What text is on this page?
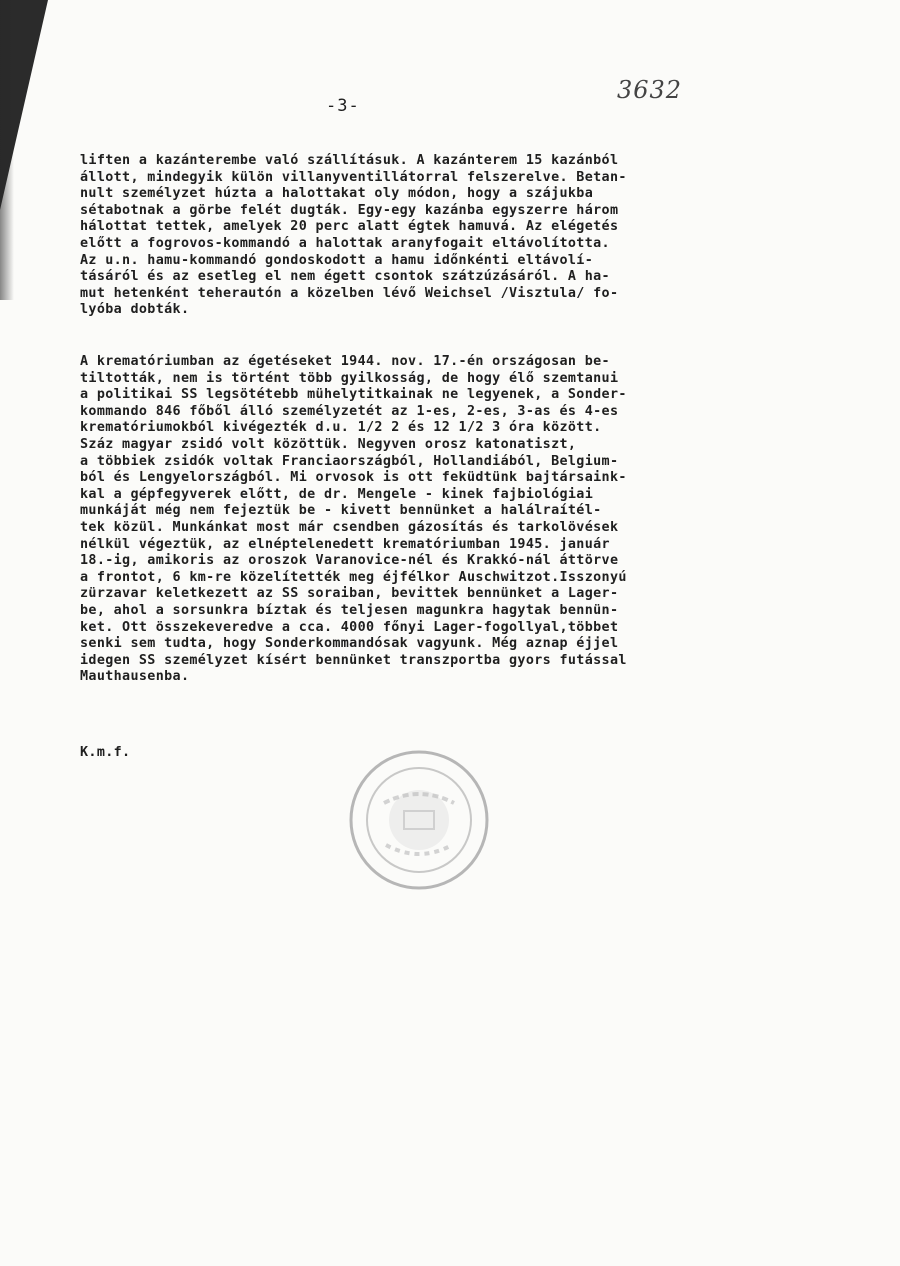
-3-
3632
liften a kazánterembe való szállításuk. A kazánterem 15 kazánból
állott, mindegyik külön villanyventillátorral felszerelve. Betan-
nult személyzet húzta a halottakat oly módon, hogy a szájukba
sétabotnak a görbe felét dugták. Egy-egy kazánba egyszerre három
hálottat tettek, amelyek 20 perc alatt égtek hamuvá. Az elégetés
előtt a fogrovos-kommandó a halottak aranyfogait eltávolította.
Az u.n. hamu-kommandó gondoskodott a hamu időnkénti eltávolí-
tásáról és az esetleg el nem égett csontok szátzúzásáról. A ha-
mut hetenként teherautón a közelben lévő Weichsel /Visztula/ fo-
lyóba dobták.
A krematóriumban az égetéseket 1944. nov. 17.-én országosan be-
tiltották, nem is történt több gyilkosság, de hogy élő szemtanui
a politikai SS legsötétebb mühelytitkainak ne legyenek, a Sonder-
kommando 846 főből álló személyzetét az 1-es, 2-es, 3-as és 4-es
krematóriumokból kivégezték d.u. 1/2 2 és 12 1/2 3 óra között.
Száz magyar zsidó volt közöttük. Negyven orosz katonatiszt,
a többiek zsidók voltak Franciaországból, Hollandiából, Belgium-
ból és Lengyelországból. Mi orvosok is ott feküdtünk bajtársaink-
kal a gépfegyverek előtt, de dr. Mengele - kinek fajbiológiai
munkáját még nem fejeztük be - kivett bennünket a halálraítél-
tek közül. Munkánkat most már csendben gázosítás és tarkolövések
nélkül végeztük, az elnéptelenedett krematóriumban 1945. január
18.-ig, amikoris az oroszok Varanovice-nél és Krakkó-nál áttörve
a frontot, 6 km-re közelítették meg éjfélkor Auschwitzot.Isszonyú
zürzavar keletkezett az SS soraiban, bevittek bennünket a Lager-
be, ahol a sorsunkra bíztak és teljesen magunkra hagytak bennün-
ket. Ott összekeveredve a cca. 4000 főnyi Lager-fogollyal,többet
senki sem tudta, hogy Sonderkommandósak vagyunk. Még aznap éjjel
idegen SS személyzet kísért bennünket transzportba gyors futással
Mauthausenba.
K.m.f.
